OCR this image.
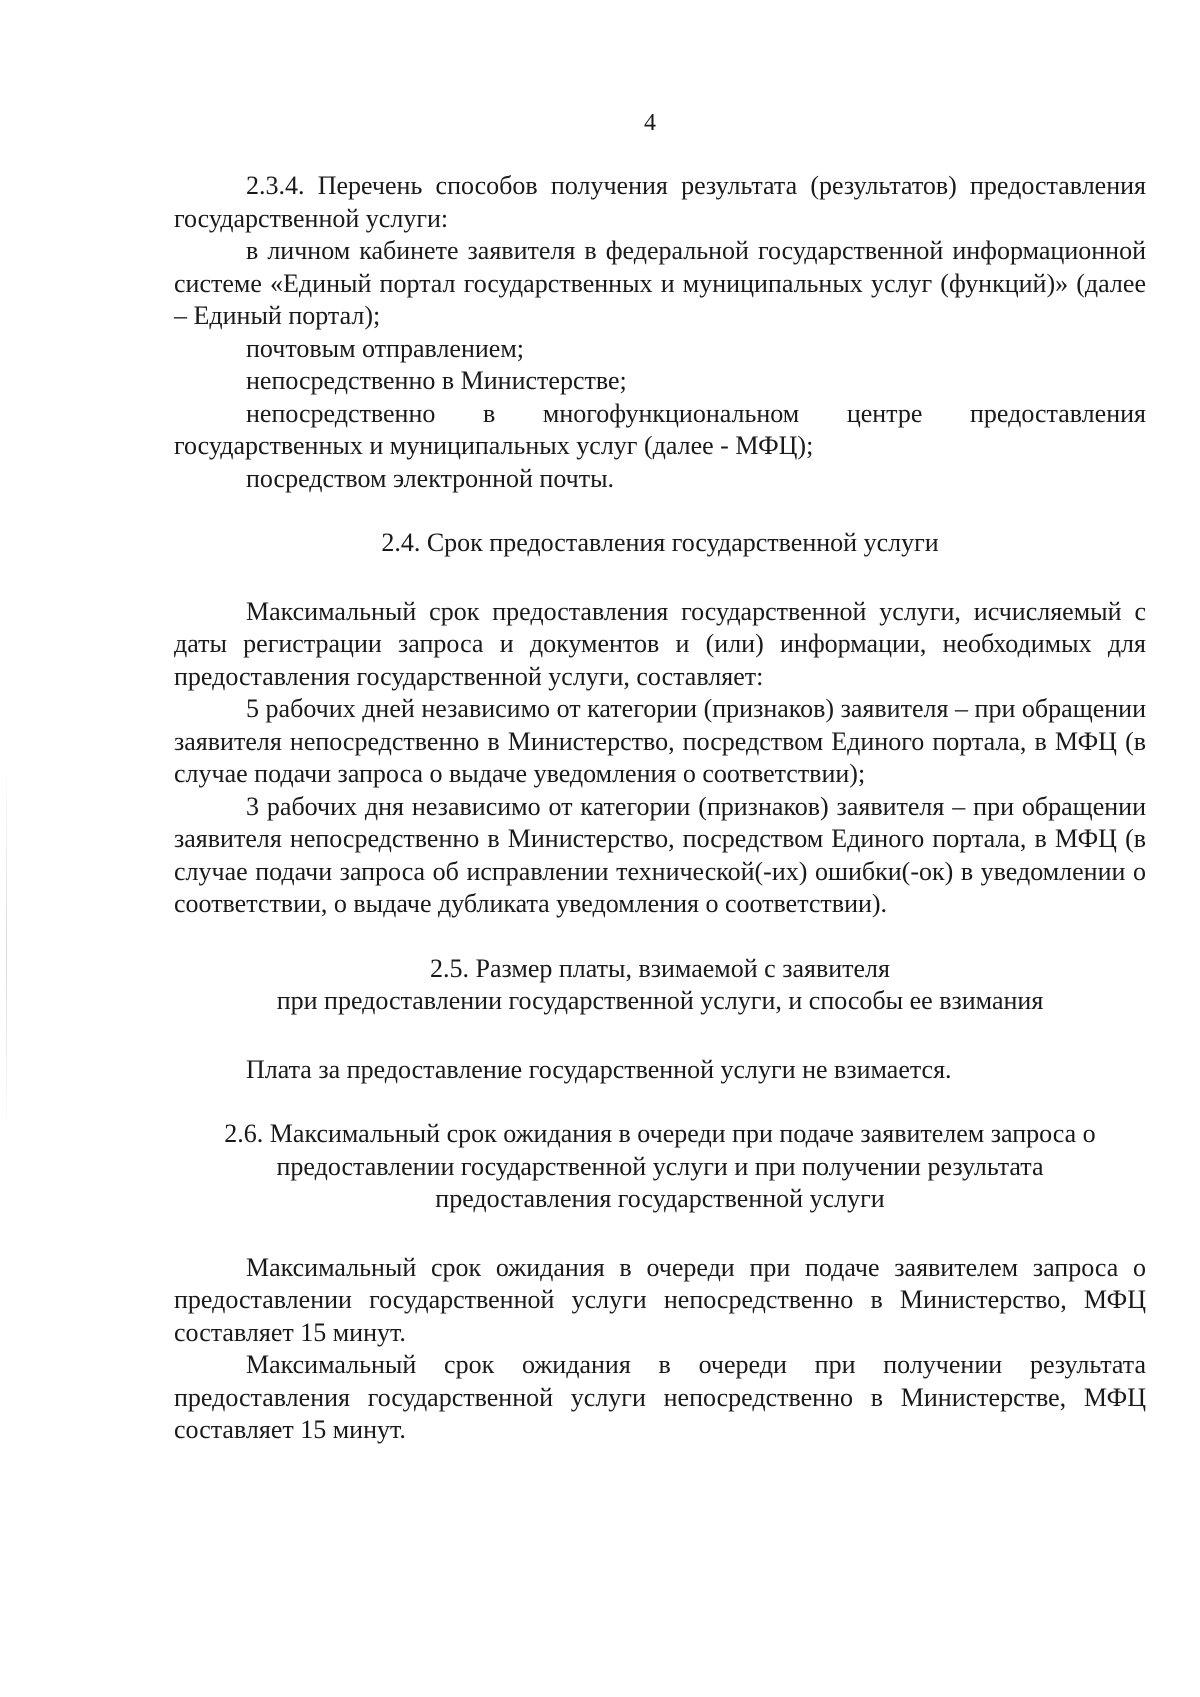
4

2.3.4. Перечень способов получения результата (результатов) предоставления государственной услуги:

в личном кабинете заявителя в федеральной государственной информационной системе «Единый портал государственных и муниципальных услуг (функций)» (далее – Единый портал);

почтовым отправлением;

непосредственно в Министерстве;

непосредственно в многофункциональном центре предоставления государственных и муниципальных услуг (далее - МФЦ);

посредством электронной почты.

2.4. Срок предоставления государственной услуги

Максимальный срок предоставления государственной услуги, исчисляемый с даты регистрации запроса и документов и (или) информации, необходимых для предоставления государственной услуги, составляет:

5 рабочих дней независимо от категории (признаков) заявителя – при обращении заявителя непосредственно в Министерство, посредством Единого портала, в МФЦ (в случае подачи запроса о выдаче уведомления о соответствии);

3 рабочих дня независимо от категории (признаков) заявителя – при обращении заявителя непосредственно в Министерство, посредством Единого портала, в МФЦ (в случае подачи запроса об исправлении технической(-их) ошибки(-ок) в уведомлении о соответствии, о выдаче дубликата уведомления о соответствии).

2.5. Размер платы, взимаемой с заявителя
при предоставлении государственной услуги, и способы ее взимания

Плата за предоставление государственной услуги не взимается.

2.6. Максимальный срок ожидания в очереди при подаче заявителем запроса о
предоставлении государственной услуги и при получении результата
предоставления государственной услуги

Максимальный срок ожидания в очереди при подаче заявителем запроса о предоставлении государственной услуги непосредственно в Министерство, МФЦ составляет 15 минут.

Максимальный срок ожидания в очереди при получении результата предоставления государственной услуги непосредственно в Министерстве, МФЦ составляет 15 минут.
